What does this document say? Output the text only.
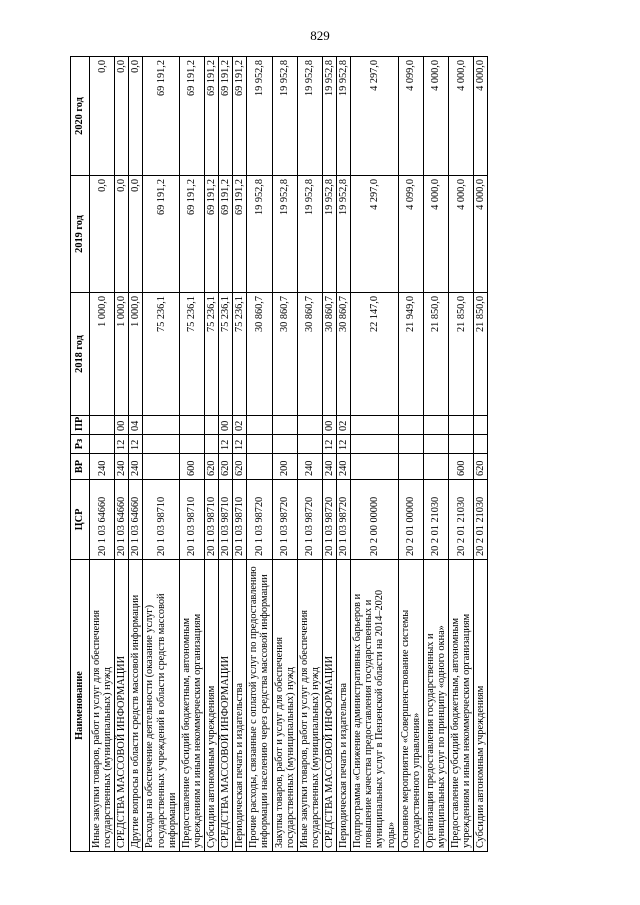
829
Наименование	ЦСР	ВР	Рз	ПР	2018 год	2019 год	2020 год
Иные закупки товаров, работ и услуг для обеспечения государственных (муниципальных) нужд	20 1 03 64660	240			1 000,0	0,0	0,0
СРЕДСТВА МАССОВОЙ ИНФОРМАЦИИ	20 1 03 64660	240	12	00	1 000,0	0,0	0,0
Другие вопросы в области средств массовой информации	20 1 03 64660	240	12	04	1 000,0	0,0	0,0
Расходы на обеспечение деятельности (оказание услуг) государственных учреждений в области средств массовой информации	20 1 03 98710				75 236,1	69 191,2	69 191,2
Предоставление субсидий бюджетным, автономным учреждениям и иным некоммерческим организациям	20 1 03 98710	600			75 236,1	69 191,2	69 191,2
Субсидии автономным учреждениям	20 1 03 98710	620			75 236,1	69 191,2	69 191,2
СРЕДСТВА МАССОВОЙ ИНФОРМАЦИИ	20 1 03 98710	620	12	00	75 236,1	69 191,2	69 191,2
Периодическая печать и издательства	20 1 03 98710	620	12	02	75 236,1	69 191,2	69 191,2
Прочие расходы, связанные с оплатой услуг по предоставлению информации населению через средства массовой информации	20 1 03 98720				30 860,7	19 952,8	19 952,8
Закупка товаров, работ и услуг для обеспечения государственных (муниципальных) нужд	20 1 03 98720	200			30 860,7	19 952,8	19 952,8
Иные закупки товаров, работ и услуг для обеспечения государственных (муниципальных) нужд	20 1 03 98720	240			30 860,7	19 952,8	19 952,8
СРЕДСТВА МАССОВОЙ ИНФОРМАЦИИ	20 1 03 98720	240	12	00	30 860,7	19 952,8	19 952,8
Периодическая печать и издательства	20 1 03 98720	240	12	02	30 860,7	19 952,8	19 952,8
Подпрограмма «Снижение административных барьеров и повышение качества предоставления государственных и муниципальных услуг в Пензенской области на 2014–2020 годы»	20 2 00 00000				22 147,0	4 297,0	4 297,0
Основное мероприятие «Совершенствование системы государственного управления»	20 2 01 00000				21 949,0	4 099,0	4 099,0
Организация предоставления государственных и муниципальных услуг по принципу «одного окна»	20 2 01 21030				21 850,0	4 000,0	4 000,0
Предоставление субсидий бюджетным, автономным учреждениям и иным некоммерческим организациям	20 2 01 21030	600			21 850,0	4 000,0	4 000,0
Субсидии автономным учреждениям	20 2 01 21030	620			21 850,0	4 000,0	4 000,0
